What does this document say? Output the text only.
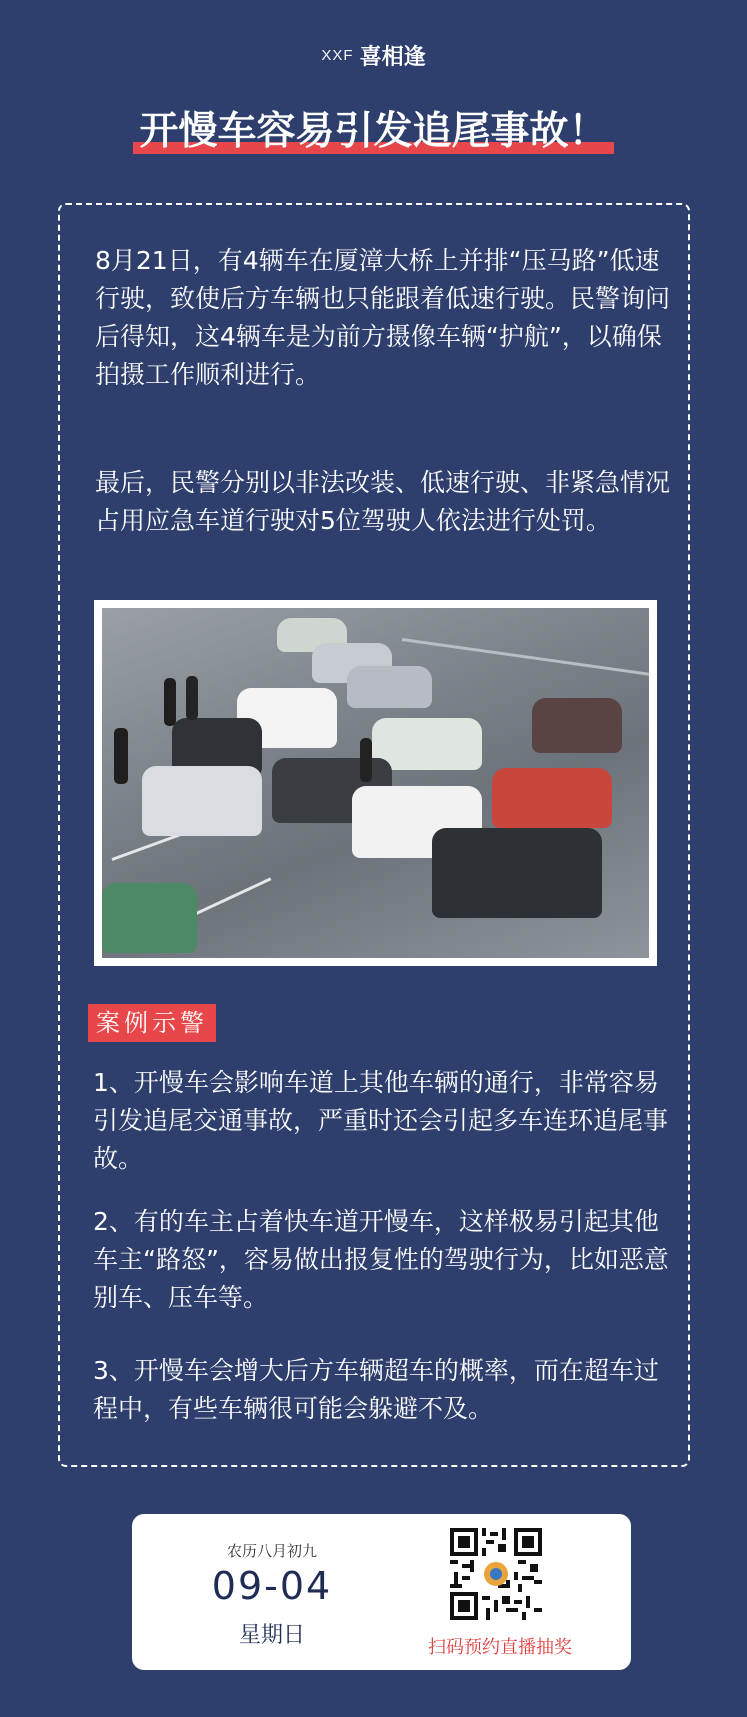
XXF 喜相逢
开慢车容易引发追尾事故！

8月21日，有4辆车在厦漳大桥上并排“压马路”低速行驶，致使后方车辆也只能跟着低速行驶。民警询问后得知，这4辆车是为前方摄像车辆“护航”，以确保拍摄工作顺利进行。

最后，民警分别以非法改装、低速行驶、非紧急情况占用应急车道行驶对5位驾驶人依法进行处罚。

案例示警

1、开慢车会影响车道上其他车辆的通行，非常容易引发追尾交通事故，严重时还会引起多车连环追尾事故。

2、有的车主占着快车道开慢车，这样极易引起其他车主“路怒”，容易做出报复性的驾驶行为，比如恶意别车、压车等。

3、开慢车会增大后方车辆超车的概率，而在超车过程中，有些车辆很可能会躲避不及。

农历八月初九
09-04
星期日	扫码预约直播抽奖
